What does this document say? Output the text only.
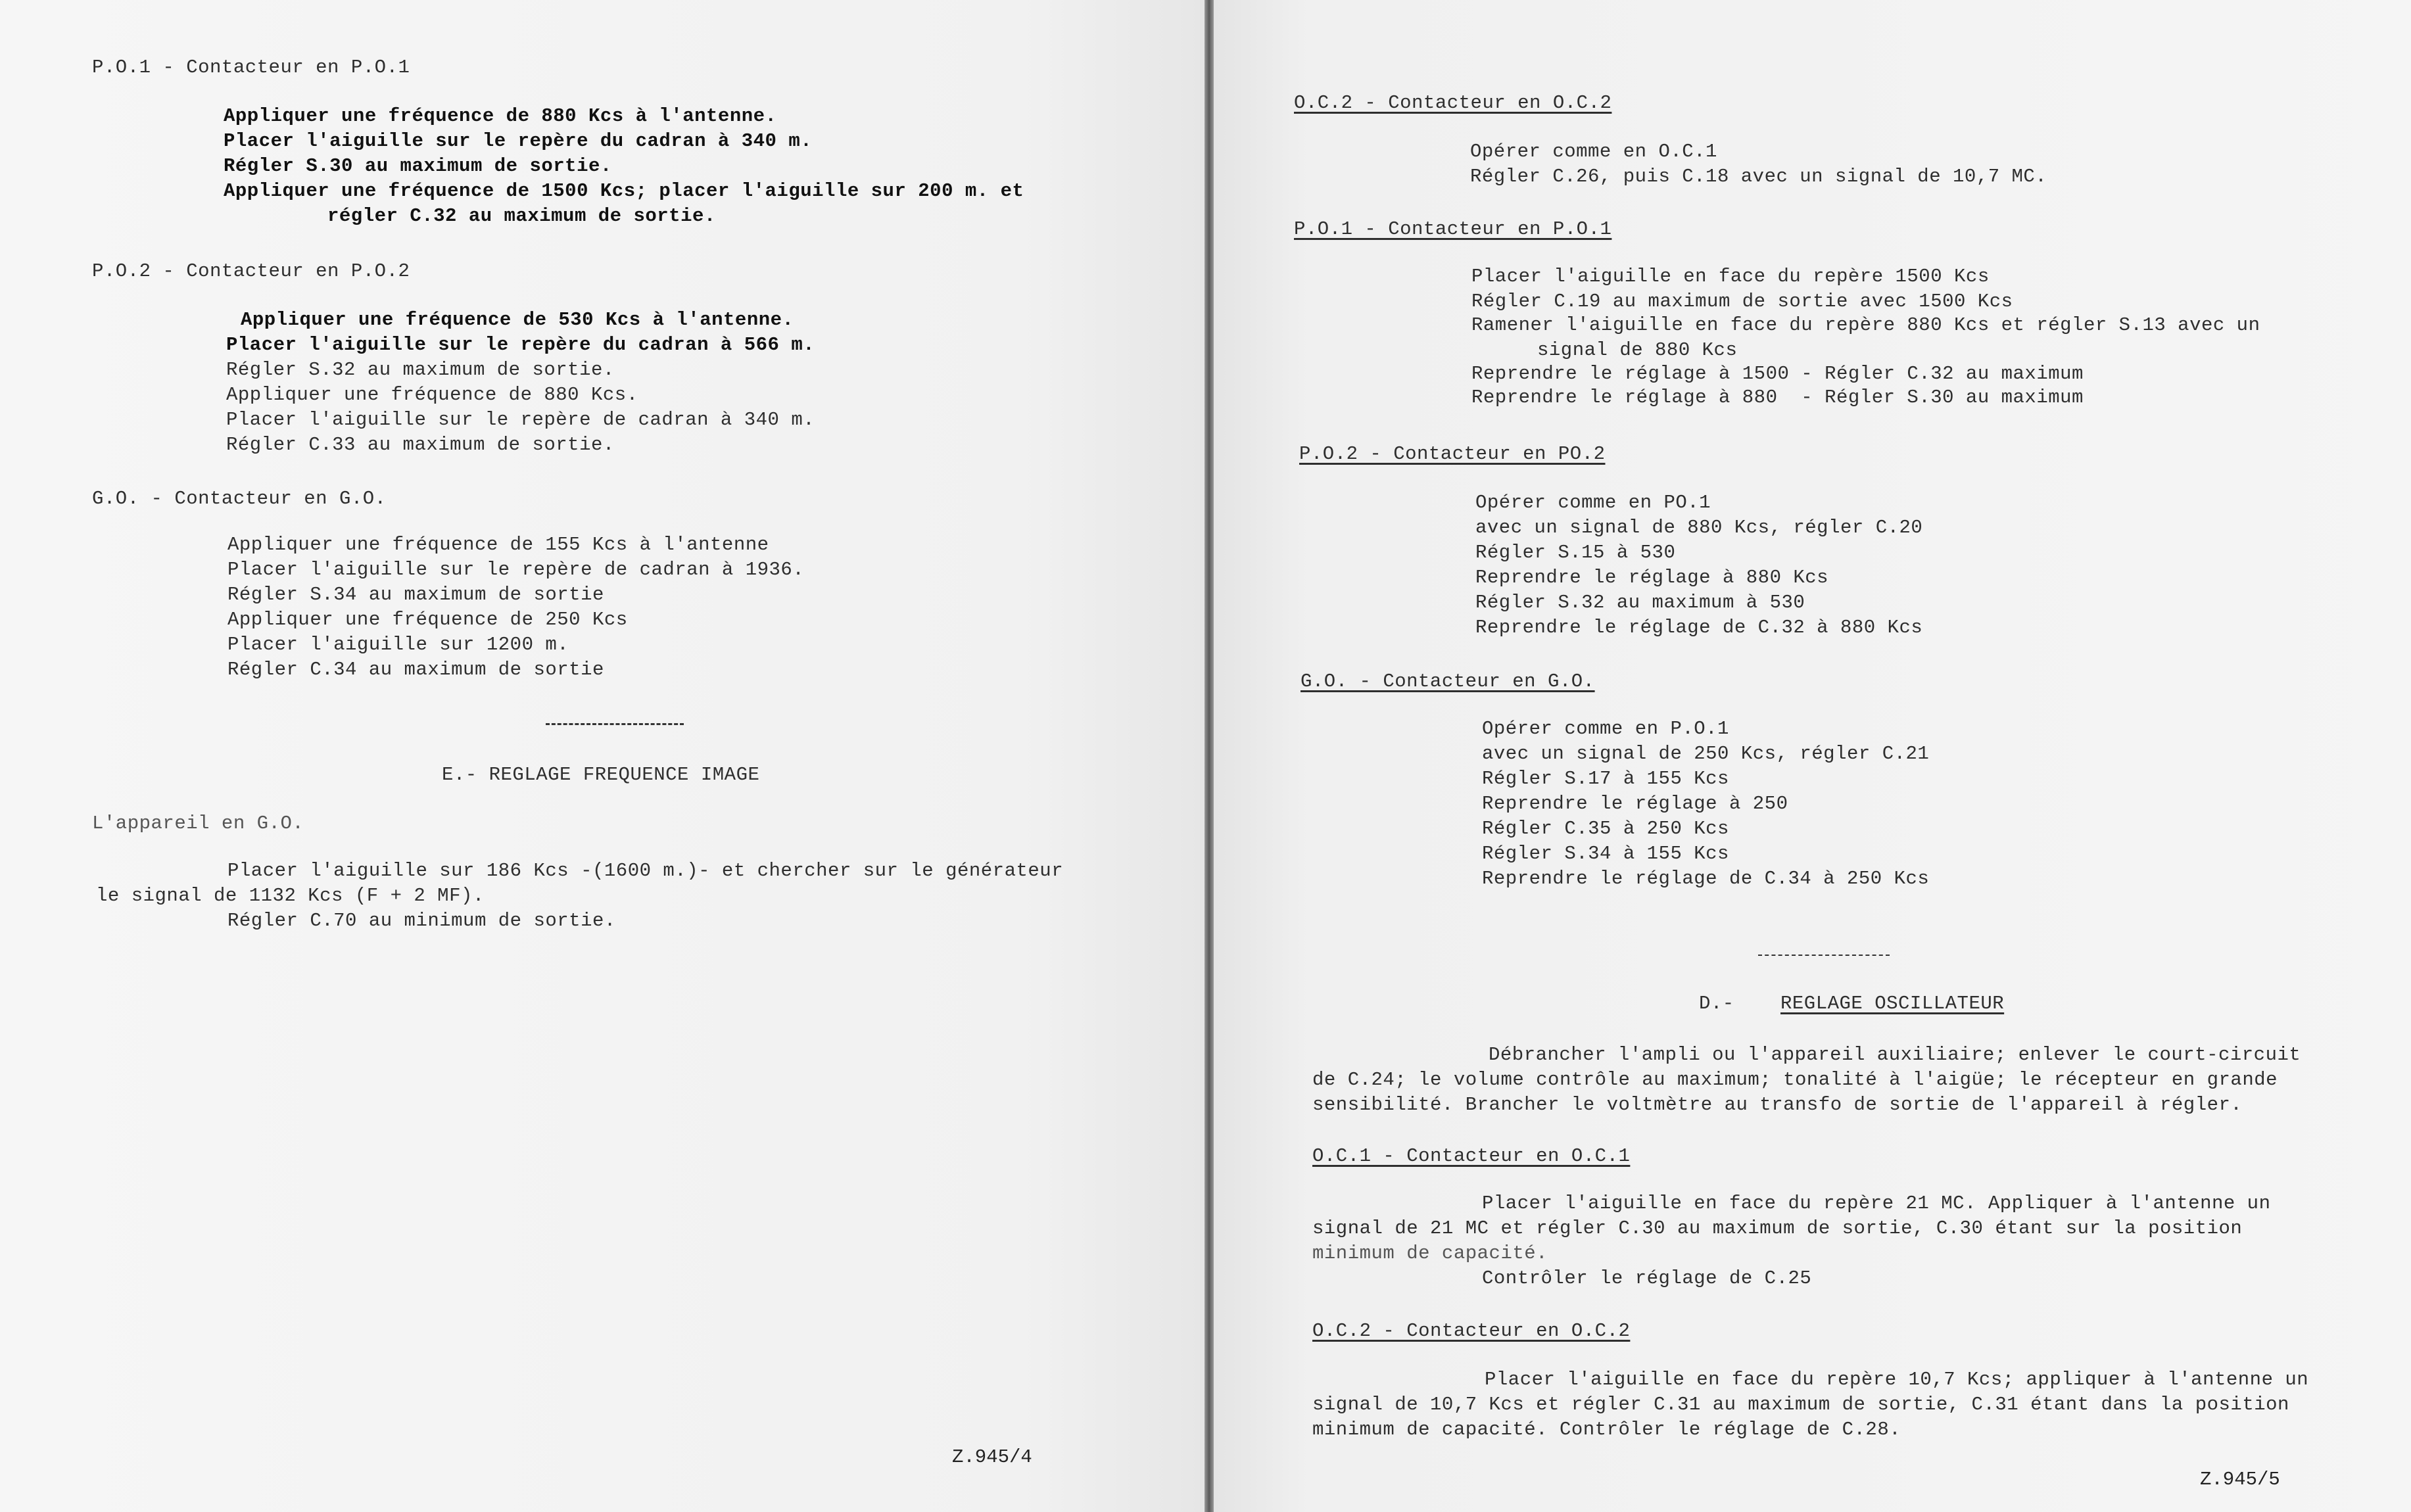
P.O.1 - Contacteur en P.O.1
Appliquer une fréquence de 880 Kcs à l'antenne.
Placer l'aiguille sur le repère du cadran à 340 m.
Régler S.30 au maximum de sortie.
Appliquer une fréquence de 1500 Kcs; placer l'aiguille sur 200 m. et
régler C.32 au maximum de sortie.
P.O.2 - Contacteur en P.O.2
Appliquer une fréquence de 530 Kcs à l'antenne.
Placer l'aiguille sur le repère du cadran à 566 m.
Régler S.32 au maximum de sortie.
Appliquer une fréquence de 880 Kcs.
Placer l'aiguille sur le repère de cadran à 340 m.
Régler C.33 au maximum de sortie.
G.O. - Contacteur en G.O.
Appliquer une fréquence de 155 Kcs à l'antenne
Placer l'aiguille sur le repère de cadran à 1936.
Régler S.34 au maximum de sortie
Appliquer une fréquence de 250 Kcs
Placer l'aiguille sur 1200 m.
Régler C.34 au maximum de sortie
E.- REGLAGE FREQUENCE IMAGE
L'appareil en G.O.
Placer l'aiguille sur 186 Kcs -(1600 m.)- et chercher sur le générateur
le signal de 1132 Kcs (F + 2 MF).
Régler C.70 au minimum de sortie.
Z.945/4
O.C.2 - Contacteur en O.C.2
Opérer comme en O.C.1
Régler C.26, puis C.18 avec un signal de 10,7 MC.
P.O.1 - Contacteur en P.O.1
Placer l'aiguille en face du repère 1500 Kcs
Régler C.19 au maximum de sortie avec 1500 Kcs
Ramener l'aiguille en face du repère 880 Kcs et régler S.13 avec un
signal de 880 Kcs
Reprendre le réglage à 1500 - Régler C.32 au maximum
Reprendre le réglage à 880  - Régler S.30 au maximum
P.O.2 - Contacteur en PO.2
Opérer comme en PO.1
avec un signal de 880 Kcs, régler C.20
Régler S.15 à 530
Reprendre le réglage à 880 Kcs
Régler S.32 au maximum à 530
Reprendre le réglage de C.32 à 880 Kcs
G.O. - Contacteur en G.O.
Opérer comme en P.O.1
avec un signal de 250 Kcs, régler C.21
Régler S.17 à 155 Kcs
Reprendre le réglage à 250
Régler C.35 à 250 Kcs
Régler S.34 à 155 Kcs
Reprendre le réglage de C.34 à 250 Kcs
D.- REGLAGE OSCILLATEUR
Débrancher l'ampli ou l'appareil auxiliaire; enlever le court-circuit
de C.24; le volume contrôle au maximum; tonalité à l'aigüe; le récepteur en grande
sensibilité. Brancher le voltmètre au transfo de sortie de l'appareil à régler.
O.C.1 - Contacteur en O.C.1
Placer l'aiguille en face du repère 21 MC. Appliquer à l'antenne un
signal de 21 MC et régler C.30 au maximum de sortie, C.30 étant sur la position
minimum de capacité.
Contrôler le réglage de C.25
O.C.2 - Contacteur en O.C.2
Placer l'aiguille en face du repère 10,7 Kcs; appliquer à l'antenne un
signal de 10,7 Kcs et régler C.31 au maximum de sortie, C.31 étant dans la position
minimum de capacité. Contrôler le réglage de C.28.
Z.945/5
